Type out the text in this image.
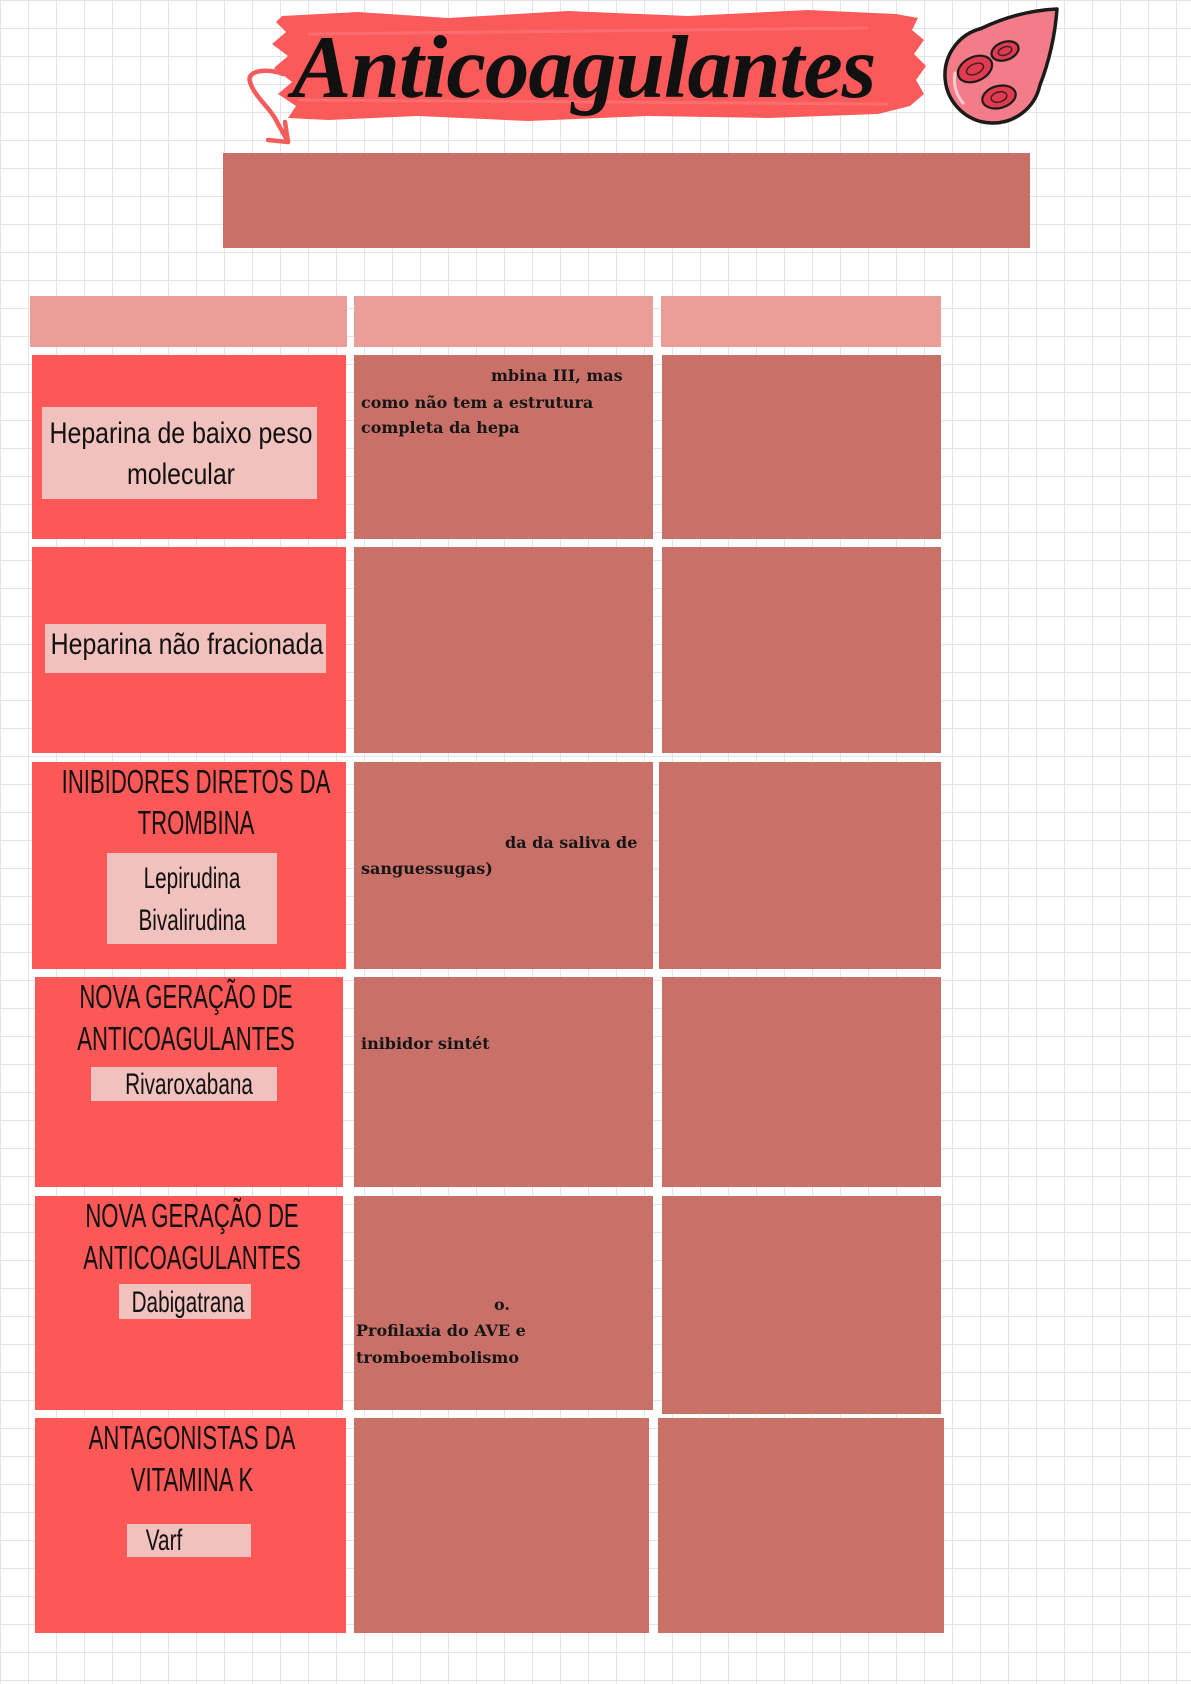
Anticoagulantes
Heparina de baixo peso
molecular
mbina III, mas
como não tem a estrutura
completa da hepa
Heparina não fracionada
INIBIDORES DIRETOS DA
TROMBINA
Lepirudina
Bivalirudina
da da saliva de
sanguessugas)
NOVA GERAÇÃO DE
ANTICOAGULANTES
Rivaroxabana
inibidor sintét
NOVA GERAÇÃO DE
ANTICOAGULANTES
Dabigatrana	o.
Profilaxia do AVE e
tromboembolismo
ANTAGONISTAS DA
VITAMINA K
Varf
